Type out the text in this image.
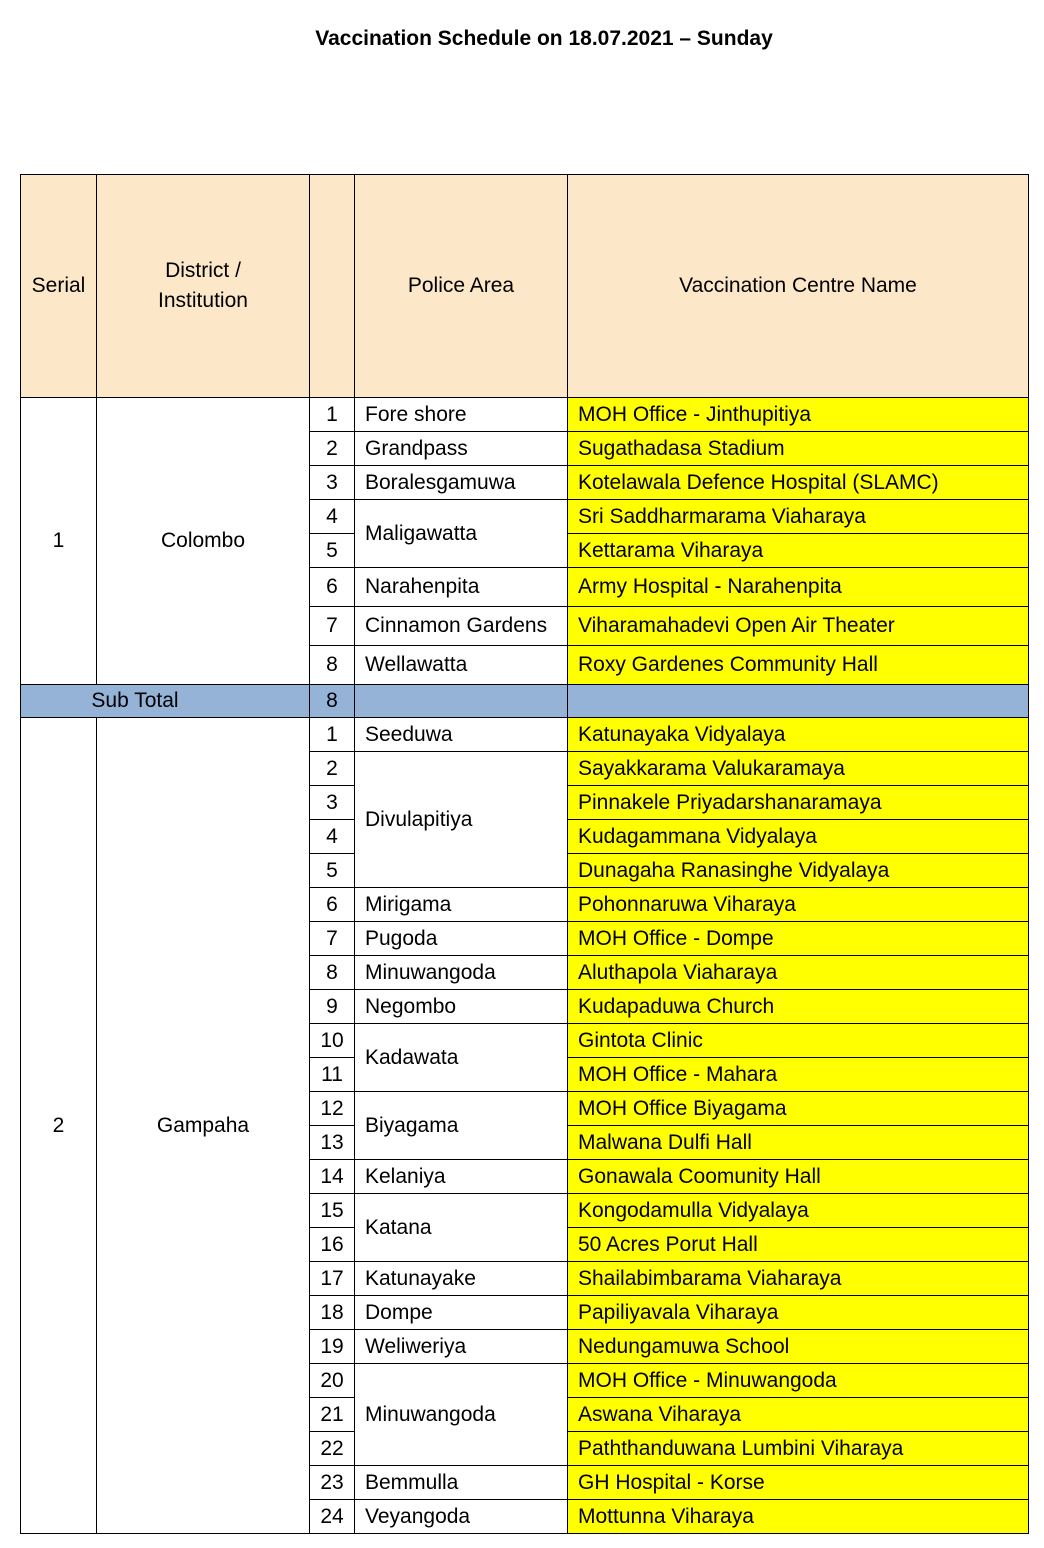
Vaccination Schedule on 18.07.2021 – Sunday
Serial	District / Institution		Police Area	Vaccination Centre Name
1	Colombo	1	Fore shore	MOH Office - Jinthupitiya
		2	Grandpass	Sugathadasa Stadium
		3	Boralesgamuwa	Kotelawala Defence Hospital (SLAMC)
		4	Maligawatta	Sri Saddharmarama Viaharaya
		5		Kettarama Viharaya
		6	Narahenpita	Army Hospital - Narahenpita
		7	Cinnamon Gardens	Viharamahadevi Open Air Theater
		8	Wellawatta	Roxy Gardenes Community Hall
Sub Total		8		
2	Gampaha	1	Seeduwa	Katunayaka Vidyalaya
		2	Divulapitiya	Sayakkarama Valukaramaya
		3		Pinnakele Priyadarshanaramaya
		4		Kudagammana Vidyalaya
		5		Dunagaha Ranasinghe Vidyalaya
		6	Mirigama	Pohonnaruwa Viharaya
		7	Pugoda	MOH Office - Dompe
		8	Minuwangoda	Aluthapola Viaharaya
		9	Negombo	Kudapaduwa Church
		10	Kadawata	Gintota Clinic
		11		MOH Office - Mahara
		12	Biyagama	MOH Office Biyagama
		13		Malwana Dulfi Hall
		14	Kelaniya	Gonawala Coomunity Hall
		15	Katana	Kongodamulla Vidyalaya
		16		50 Acres Porut Hall
		17	Katunayake	Shailabimbarama Viaharaya
		18	Dompe	Papiliyavala Viharaya
		19	Weliweriya	Nedungamuwa School
		20	Minuwangoda	MOH Office - Minuwangoda
		21		Aswana Viharaya
		22		Paththanduwana Lumbini Viharaya
		23	Bemmulla	GH Hospital - Korse
		24	Veyangoda	Mottunna Viharaya
